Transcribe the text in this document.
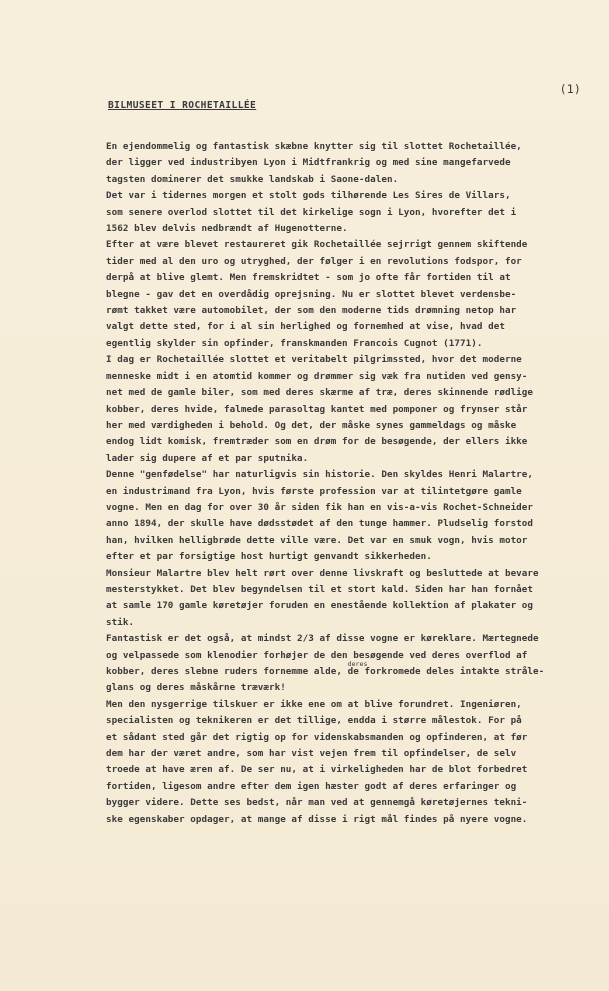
(1)
BILMUSEET I ROCHETAILLÉE
En ejendommelig og fantastisk skæbne knytter sig til slottet Rochetaillée,
der ligger ved industribyen Lyon i Midtfrankrig og med sine mangefarvede
tagsten dominerer det smukke landskab i Saone-dalen.
Det var i tidernes morgen et stolt gods tilhørende Les Sires de Villars,
som senere overlod slottet til det kirkelige sogn i Lyon, hvorefter det i
1562 blev delvis nedbrændt af Hugenotterne.
Efter at være blevet restaureret gik Rochetaillée sejrrigt gennem skiftende
tider med al den uro og utryghed, der følger i en revolutions fodspor, for
derpå at blive glemt. Men fremskridtet - som jo ofte får fortiden til at
blegne - gav det en overdådig oprejsning. Nu er slottet blevet verdensbe-
rømt takket være automobilet, der som den moderne tids drømning netop har
valgt dette sted, for i al sin herlighed og fornemhed at vise, hvad det
egentlig skylder sin opfinder, franskmanden Francois Cugnot (1771).
I dag er Rochetaillée slottet et veritabelt pilgrimssted, hvor det moderne
menneske midt i en atomtid kommer og drømmer sig væk fra nutiden ved gensy-
net med de gamle biler, som med deres skærme af træ, deres skinnende rødlige
kobber, deres hvide, falmede parasoltag kantet med pomponer og frynser står
her med værdigheden i behold. Og det, der måske synes gammeldags og måske
endog lidt komisk, fremtræder som en drøm for de besøgende, der ellers ikke
lader sig dupere af et par sputnika.
Denne "genfødelse" har naturligvis sin historie. Den skyldes Henri Malartre,
en industrimand fra Lyon, hvis første profession var at tilintetgøre gamle
vogne. Men en dag for over 30 år siden fik han en vis-a-vis Rochet-Schneider
anno 1894, der skulle have dødsstødet af den tunge hammer. Pludselig forstod
han, hvilken helligbrøde dette ville være. Det var en smuk vogn, hvis motor
efter et par forsigtige host hurtigt genvandt sikkerheden.
Monsieur Malartre blev helt rørt over denne livskraft og besluttede at bevare
mesterstykket. Det blev begyndelsen til et stort kald. Siden har han fornået
at samle 170 gamle køretøjer foruden en enestående kollektion af plakater og
stik.
Fantastisk er det også, at mindst 2/3 af disse vogne er køreklare. Mærtegnede
og velpassede som klenodier forhøjer de den besøgende ved deres overflod af
kobber, deres slebne ruders fornemme alde,
deres
de forkromede deles intakte stråle-
glans og deres måskårne træværk!
Men den nysgerrige tilskuer er ikke ene om at blive forundret. Ingeniøren,
specialisten og teknikeren er det tillige, endda i større målestok. For på
et sådant sted går det rigtig op for videnskabsmanden og opfinderen, at før
dem har der været andre, som har vist vejen frem til opfindelser, de selv
troede at have æren af. De ser nu, at i virkeligheden har de blot forbedret
fortiden, ligesom andre efter dem igen hæster godt af deres erfaringer og
bygger videre. Dette ses bedst, når man ved at gennemgå køretøjernes tekni-
ske egenskaber opdager, at mange af disse i rigt mål findes på nyere vogne.
